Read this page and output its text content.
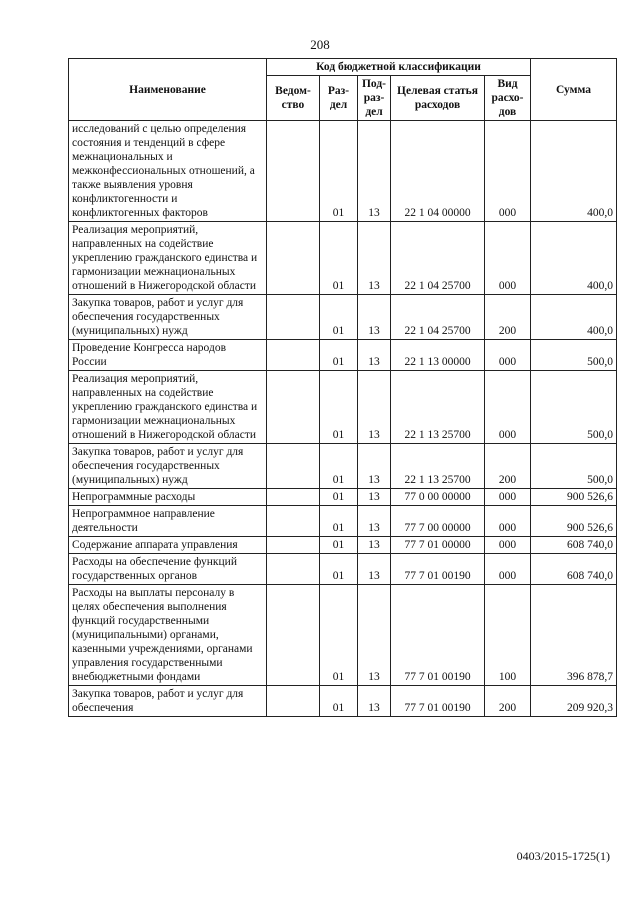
208
Наименование	Код бюджетной классификации					Сумма
	Ведом-ство	Раз-дел	Под-раз-дел	Целевая статья расходов	Вид расхо-дов	
исследований с целью определения состояния и тенденций в сфере межнациональных и межконфессиональных отношений, а также выявления уровня конфликтогенности и конфликтогенных факторов		01	13	22 1 04 00000	000	400,0
Реализация мероприятий, направленных на содействие укреплению гражданского единства и гармонизации межнациональных отношений в Нижегородской области		01	13	22 1 04 25700	000	400,0
Закупка товаров, работ и услуг для обеспечения государственных (муниципальных) нужд		01	13	22 1 04 25700	200	400,0
Проведение Конгресса народов России		01	13	22 1 13 00000	000	500,0
Реализация мероприятий, направленных на содействие укреплению гражданского единства и гармонизации межнациональных отношений в Нижегородской области		01	13	22 1 13 25700	000	500,0
Закупка товаров, работ и услуг для обеспечения государственных (муниципальных) нужд		01	13	22 1 13 25700	200	500,0
Непрограммные расходы		01	13	77 0 00 00000	000	900 526,6
Непрограммное направление деятельности		01	13	77 7 00 00000	000	900 526,6
Содержание аппарата управления		01	13	77 7 01 00000	000	608 740,0
Расходы на обеспечение функций государственных органов		01	13	77 7 01 00190	000	608 740,0
Расходы на выплаты персоналу в целях обеспечения выполнения функций государственными (муниципальными) органами, казенными учреждениями, органами управления государственными внебюджетными фондами		01	13	77 7 01 00190	100	396 878,7
Закупка товаров, работ и услуг для обеспечения		01	13	77 7 01 00190	200	209 920,3
0403/2015-1725(1)
